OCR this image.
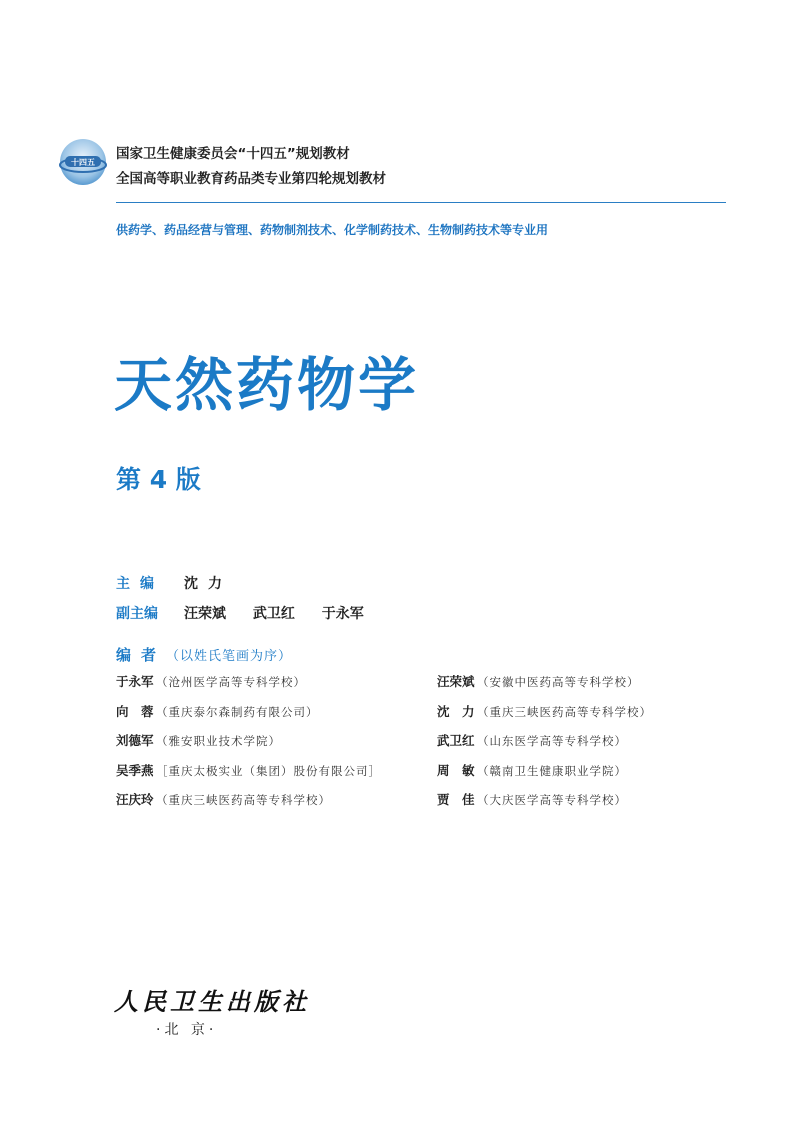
十四五
国家卫生健康委员会“十四五”规划教材
全国高等职业教育药品类专业第四轮规划教材
供药学、药品经营与管理、药物制剂技术、化学制药技术、生物制药技术等专业用
天然药物学
第 4 版
主编	沈力
副主编	汪荣斌 武卫红 于永军
编者（以姓氏笔画为序）
于永军 （沧州医学高等专科学校）
向　蓉 （重庆泰尔森制药有限公司）
刘德军 （雅安职业技术学院）
吴季燕 ［重庆太极实业（集团）股份有限公司］
汪庆玲 （重庆三峡医药高等专科学校）
汪荣斌 （安徽中医药高等专科学校）
沈　力 （重庆三峡医药高等专科学校）
武卫红 （山东医学高等专科学校）
周　敏 （赣南卫生健康职业学院）
贾　佳 （大庆医学高等专科学校）
人民卫生出版社
·北 京·
